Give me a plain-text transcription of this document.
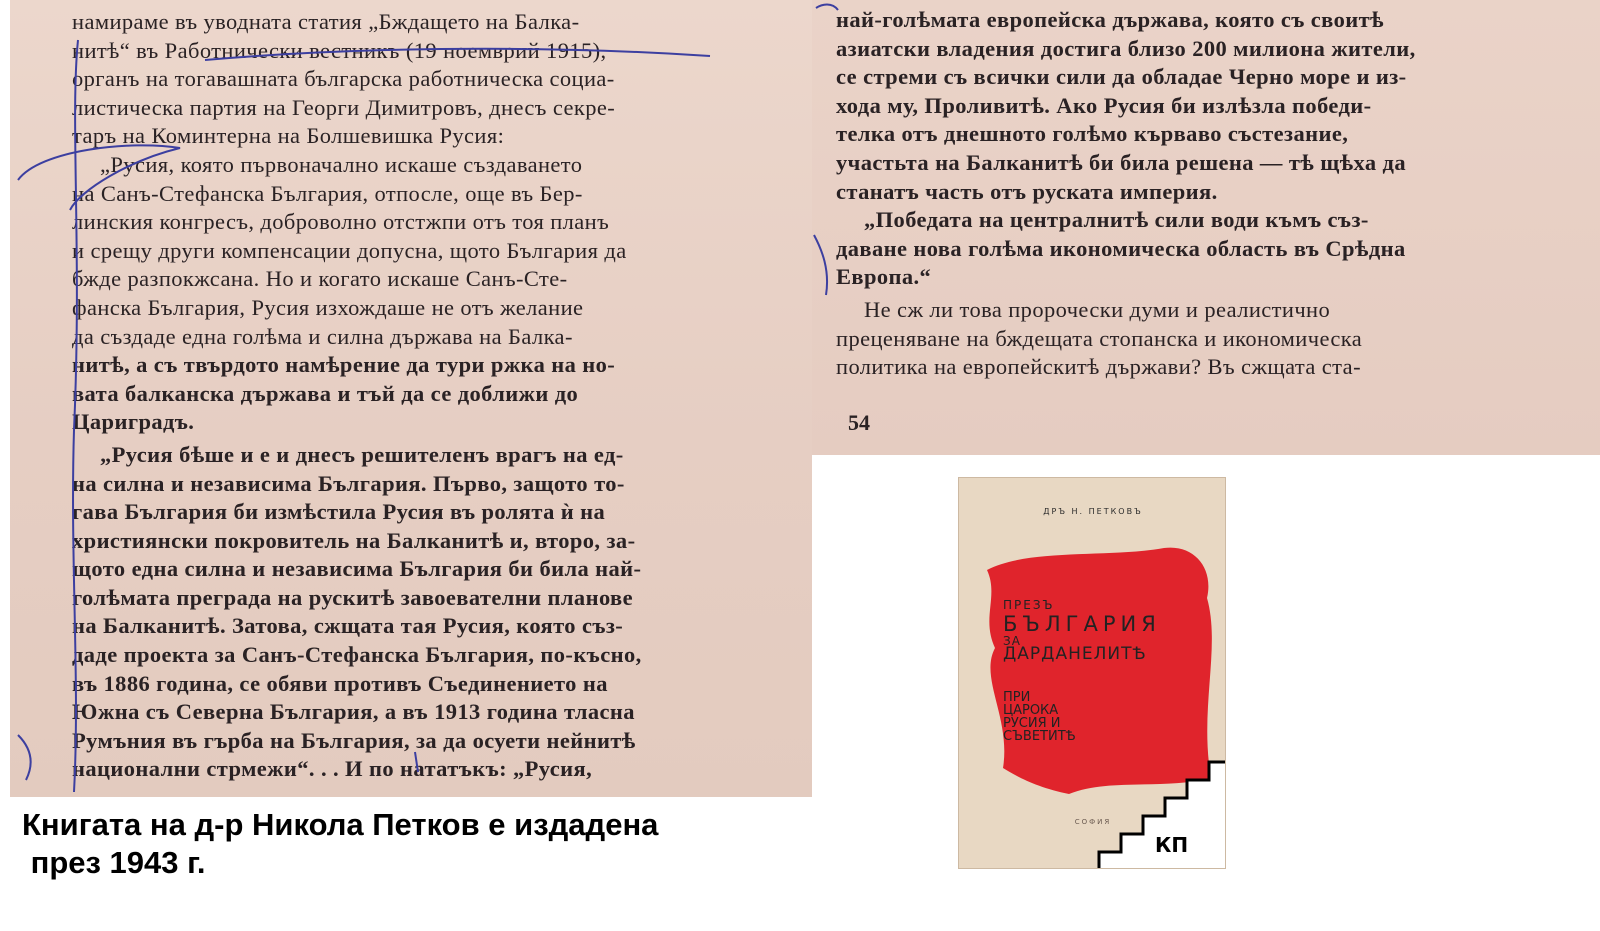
намираме въ уводната статия „Бждащето на Балка-
нитѣ“ въ Работнически вестникъ (19 ноемврий 1915),
органъ на тогавашната българска работническа социа-
листическа партия на Георги Димитровъ, днесъ секре-
таръ на Коминтерна на Болшевишка Русия:
„Русия, която първоначално искаше създаването
на Санъ-Стефанска България, отпосле, още въ Бер-
линския конгресъ, доброволно отстжпи отъ тоя планъ
и срещу други компенсации допусна, щото България да
бжде разпокжсана. Но и когато искаше Санъ-Сте-
фанска България, Русия изхождаше не отъ желание
да създаде една голѣма и силна държава на Балка-
нитѣ, а съ твърдото намѣрение да тури ржка на но-
вата балканска държава и тъй да се доближи до
Цариградъ.
„Русия бѣше и е и днесъ решителенъ врагъ на ед-
на силна и независима България. Първо, защото то-
гава България би измѣстила Русия въ ролята ѝ на
християнски покровитель на Балканитѣ и, второ, за-
щото една силна и независима България би била най-
голѣмата преграда на рускитѣ завоевателни планове
на Балканитѣ. Затова, сжщата тая Русия, която съз-
даде проекта за Санъ-Стефанска България, по-късно,
въ 1886 година, се обяви противъ Съединението на
Южна съ Северна България, а въ 1913 година тласна
Румъния въ гърба на България, за да осуети нейнитѣ
национални стрмежи“. . . И по нататъкъ: „Русия,
най-голѣмата европейска държава, която съ своитѣ
азиатски владения достига близо 200 милиона жители,
се стреми съ всички сили да обладае Черно море и из-
хода му, Проливитѣ. Ако Русия би излѣзла победи-
телка отъ днешното голѣмо кърваво състезание,
участьта на Балканитѣ би била решена — тѣ щѣха да
станатъ часть отъ руската империя.
„Победата на централнитѣ сили води къмъ съз-
даване нова голѣма икономическа область въ Срѣдна
Европа.“
Не сж ли това пророчески думи и реалистично
преценяване на бждещата стопанска и икономическа
политика на европейскитѣ държави? Въ сжщата ста-
54
Книгата на д-р Никола Петков е издадена
през 1943 г.
ДРЪ Н. ПЕТКОВЪ
ПРЕЗЪ
БЪЛГАРИЯ
ЗА
ДАРДАНЕЛИТѢ
ПРИ
ЦАРОКА
РУСИЯ И
СЪВЕТИТѢ
СОФИЯ
КП
